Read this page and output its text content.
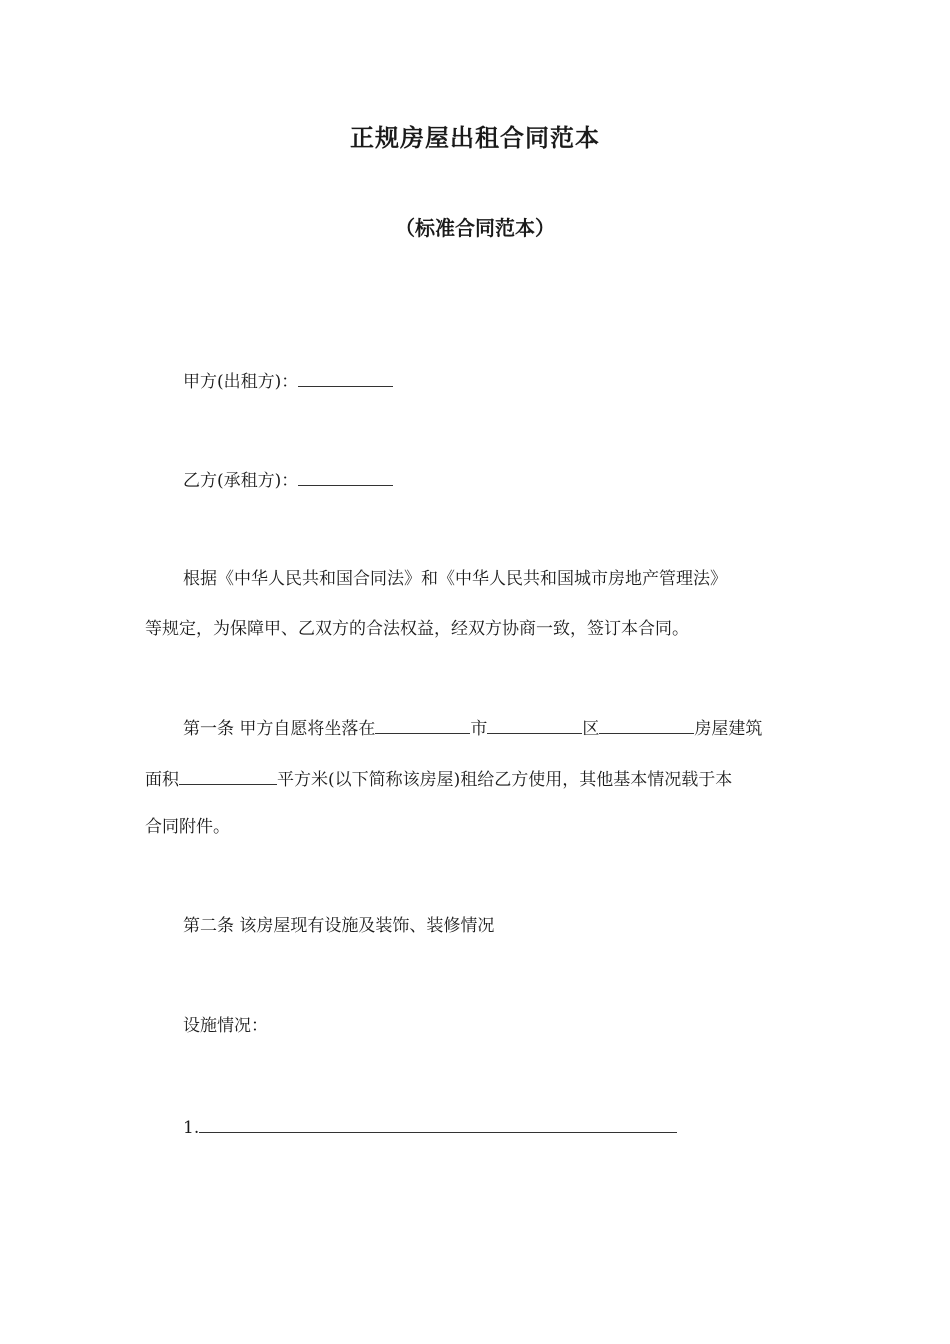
正规房屋出租合同范本
（标准合同范本）
甲方(出租方)：
乙方(承租方)：
根据《中华人民共和国合同法》和《中华人民共和国城市房地产管理法》
等规定，为保障甲、乙双方的合法权益，经双方协商一致，签订本合同。
第一条 甲方自愿将坐落在	市	区	房屋建筑
面积	平方米(以下简称该房屋)租给乙方使用，其他基本情况载于本
合同附件。
第二条 该房屋现有设施及装饰、装修情况
设施情况：
1.
